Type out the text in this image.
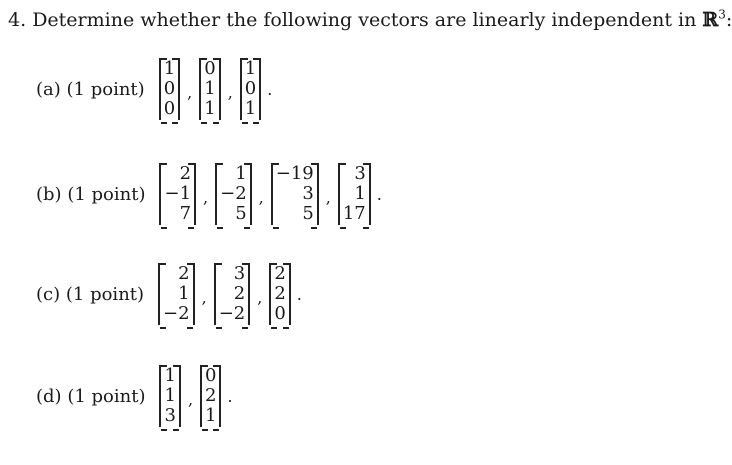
4. Determine whether the following vectors are linearly independent in ℝ$^3$:
(a) (1 point)
1
0
0
,
0
1
1
,
1
0
1
.
(b) (1 point)
2
−1
7
,
1
−2
5
,
−19
3
5
,
3
1
17
.
(c) (1 point)
2
1
−2
,
3
2
−2
,
2
2
0
.
(d) (1 point)
1
1
3
,
0
2
1
.
